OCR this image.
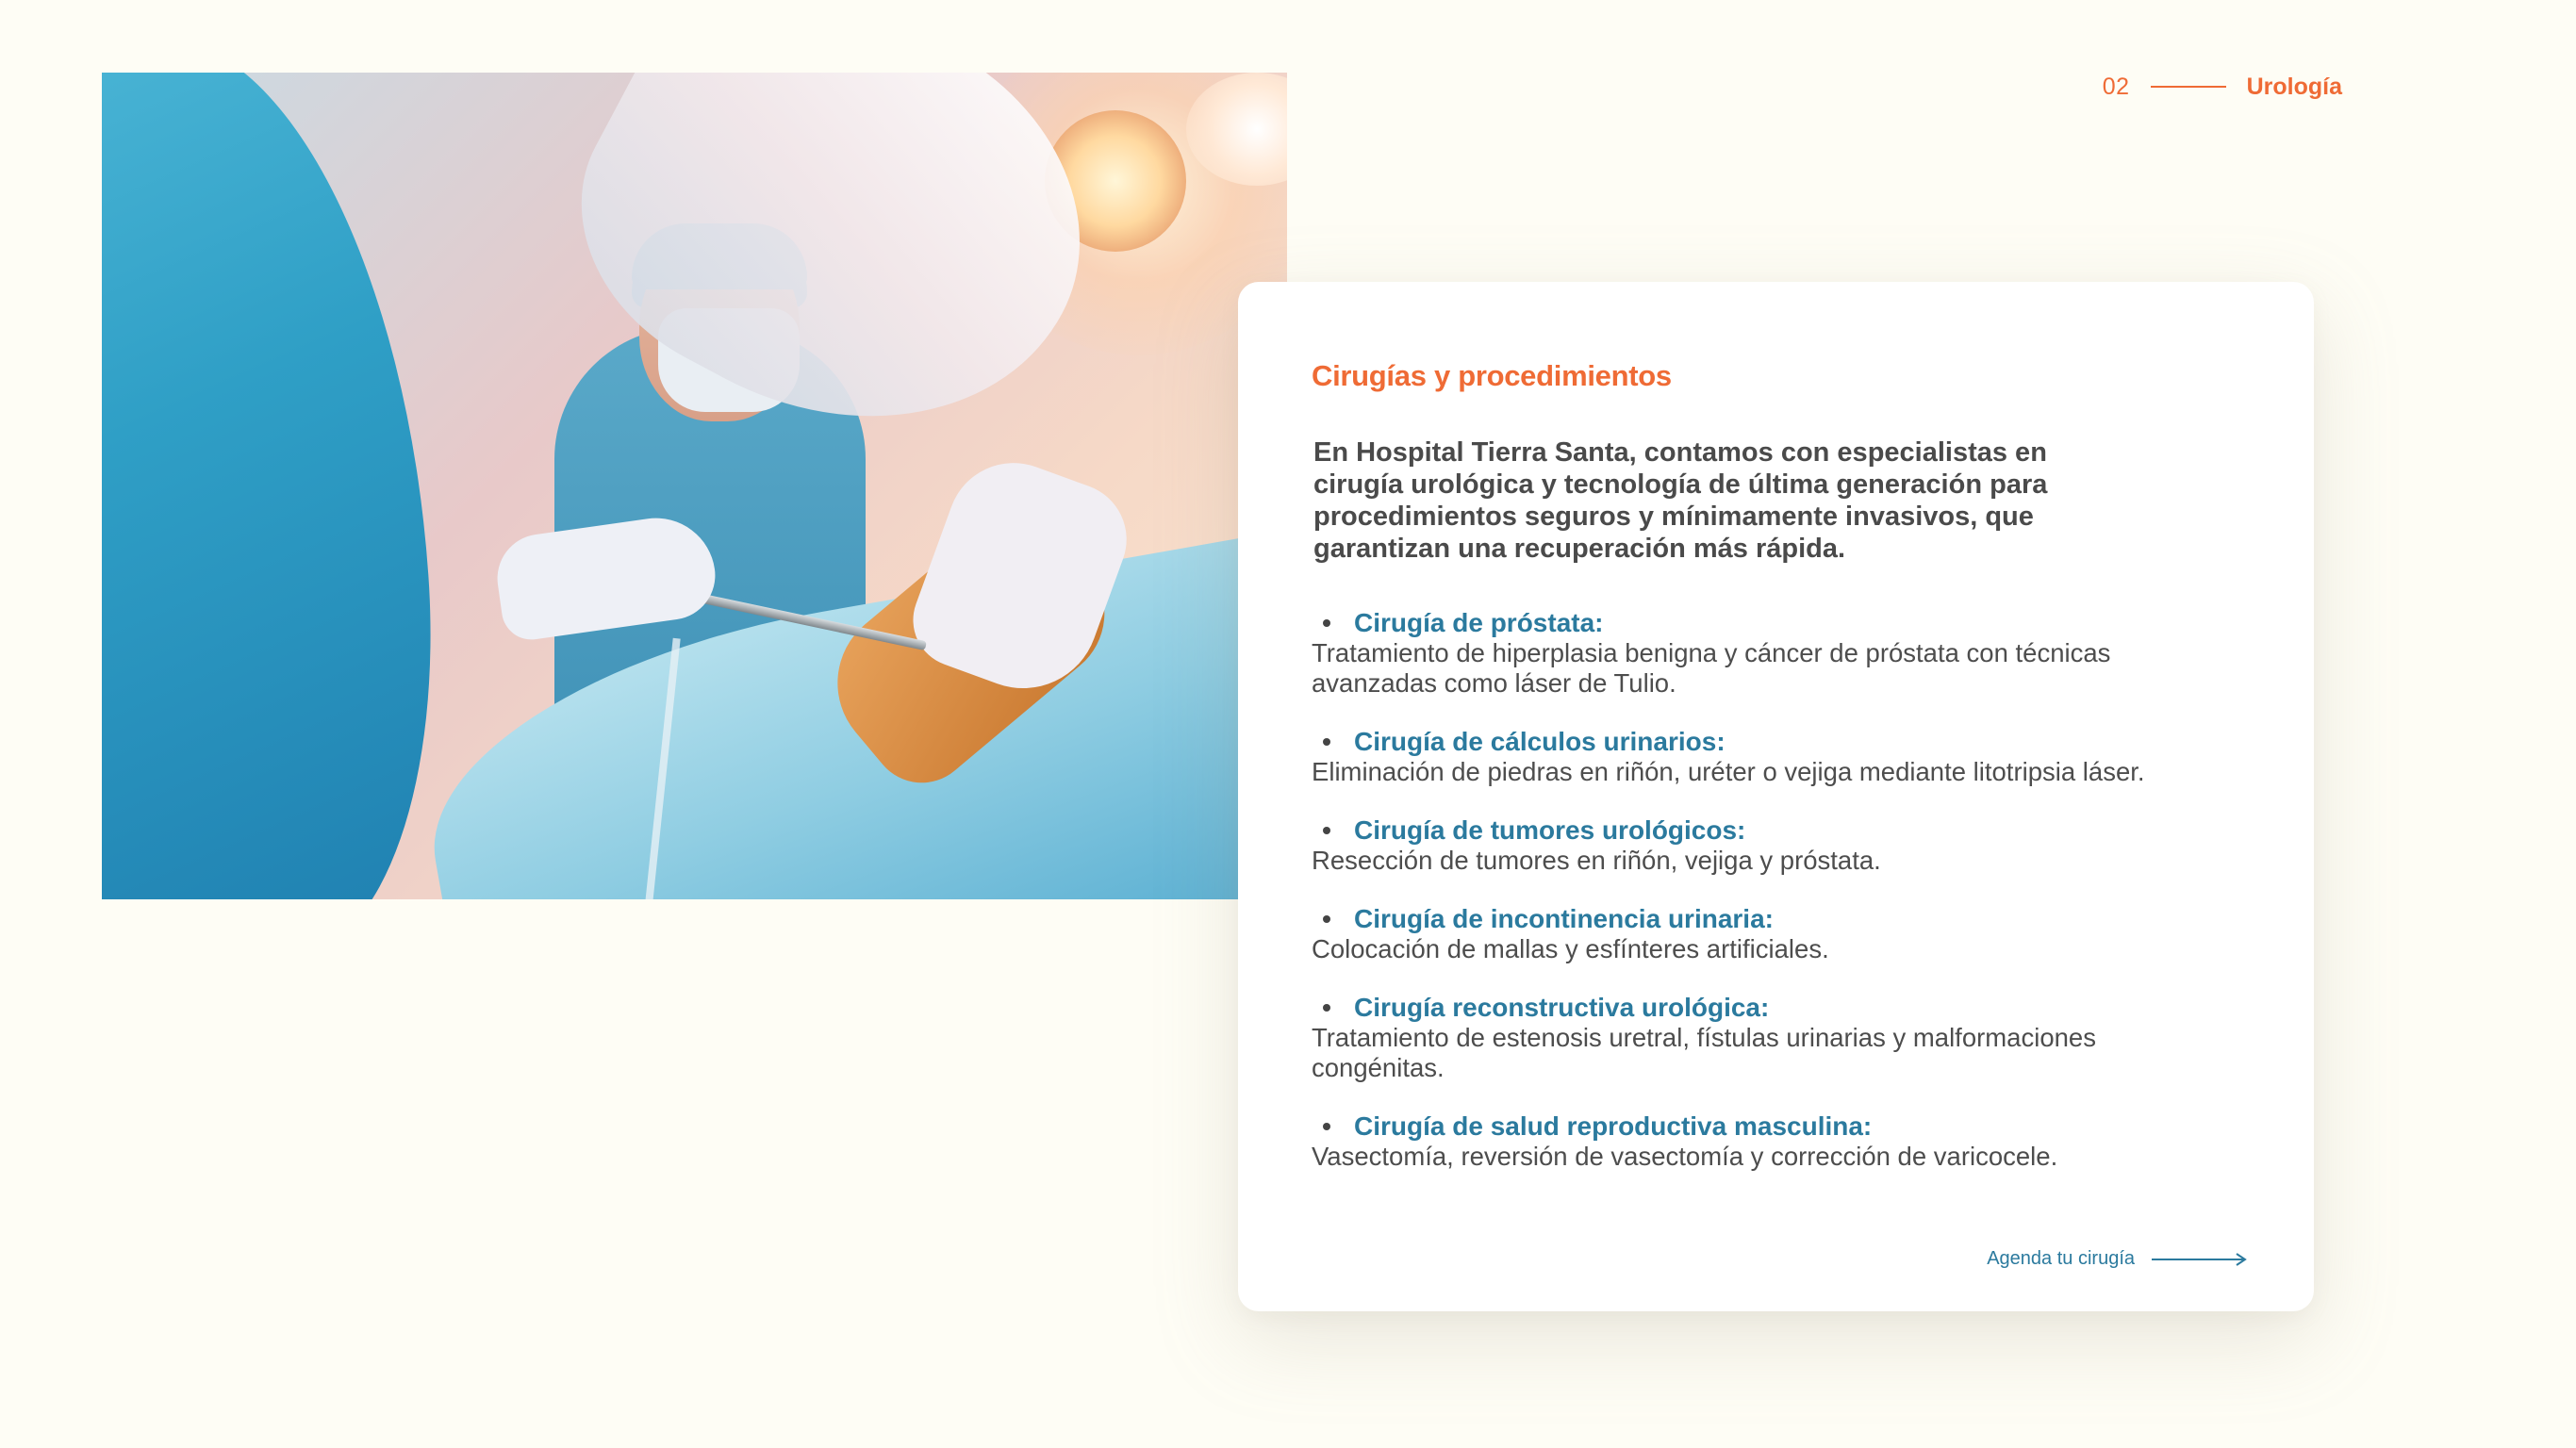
02	Urología
Cirugías y procedimientos

En Hospital Tierra Santa, contamos con especialistas en cirugía urológica y tecnología de última generación para procedimientos seguros y mínimamente invasivos, que garantizan una recuperación más rápida.

Cirugía de próstata:

Tratamiento de hiperplasia benigna y cáncer de próstata con técnicas avanzadas como láser de Tulio.

Cirugía de cálculos urinarios:

Eliminación de piedras en riñón, uréter o vejiga mediante litotripsia láser.

Cirugía de tumores urológicos:

Resección de tumores en riñón, vejiga y próstata.

Cirugía de incontinencia urinaria:

Colocación de mallas y esfínteres artificiales.

Cirugía reconstructiva urológica:

Tratamiento de estenosis uretral, fístulas urinarias y malformaciones congénitas.

Cirugía de salud reproductiva masculina:

Vasectomía, reversión de vasectomía y corrección de varicocele.

Agenda tu cirugía
